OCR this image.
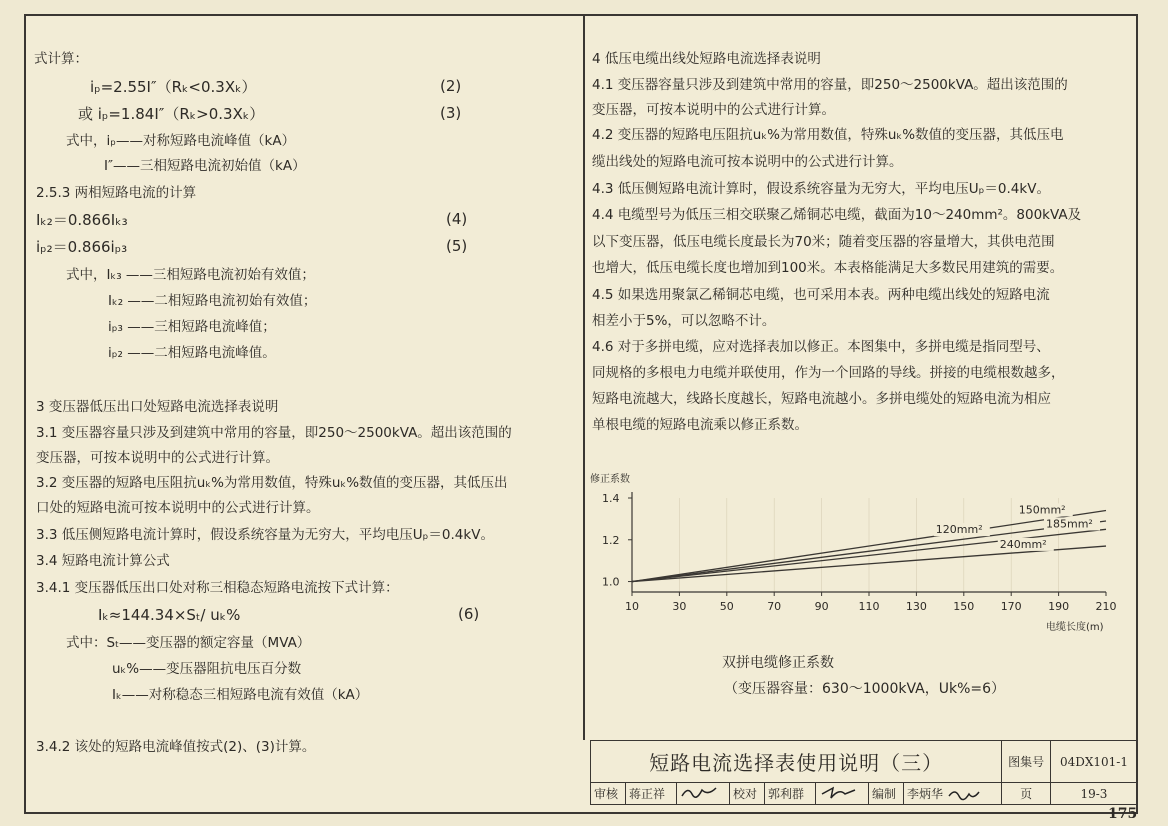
式计算：
iₚ=2.55I″（Rₖ<0.3Xₖ）	(2)
或 iₚ=1.84I″（Rₖ>0.3Xₖ）	(3)
式中，iₚ——对称短路电流峰值（kA）
I″——三相短路电流初始值（kA）
2.5.3 两相短路电流的计算
Iₖ₂＝0.866Iₖ₃	(4)
iₚ₂＝0.866iₚ₃	(5)
式中，Iₖ₃ ——三相短路电流初始有效值；
Iₖ₂ ——二相短路电流初始有效值；
iₚ₃ ——三相短路电流峰值；
iₚ₂ ——二相短路电流峰值。
3 变压器低压出口处短路电流选择表说明
3.1 变压器容量只涉及到建筑中常用的容量，即250～2500kVA。超出该范围的
变压器，可按本说明中的公式进行计算。
3.2 变压器的短路电压阻抗uₖ%为常用数值，特殊uₖ%数值的变压器，其低压出
口处的短路电流可按本说明中的公式进行计算。
3.3 低压侧短路电流计算时，假设系统容量为无穷大，平均电压Uₚ＝0.4kV。
3.4 短路电流计算公式
3.4.1 变压器低压出口处对称三相稳态短路电流按下式计算：
Iₖ≈144.34×Sₜ/ uₖ%	(6)
式中：Sₜ——变压器的额定容量（MVA）
uₖ%——变压器阻抗电压百分数
Iₖ——对称稳态三相短路电流有效值（kA）
3.4.2 该处的短路电流峰值按式(2)、(3)计算。
4 低压电缆出线处短路电流选择表说明
4.1 变压器容量只涉及到建筑中常用的容量，即250～2500kVA。超出该范围的
变压器，可按本说明中的公式进行计算。
4.2 变压器的短路电压阻抗uₖ%为常用数值，特殊uₖ%数值的变压器，其低压电
缆出线处的短路电流可按本说明中的公式进行计算。
4.3 低压侧短路电流计算时，假设系统容量为无穷大，平均电压Uₚ＝0.4kV。
4.4 电缆型号为低压三相交联聚乙烯铜芯电缆，截面为10～240mm²。800kVA及
以下变压器，低压电缆长度最长为70米；随着变压器的容量增大，其供电范围
也增大，低压电缆长度也增加到100米。本表格能满足大多数民用建筑的需要。
4.5 如果选用聚氯乙稀铜芯电缆，也可采用本表。两种电缆出线处的短路电流
相差小于5%，可以忽略不计。
4.6 对于多拼电缆，应对选择表加以修正。本图集中，多拼电缆是指同型号、
同规格的多根电力电缆并联使用，作为一个回路的导线。拼接的电缆根数越多，
短路电流越大，线路长度越长，短路电流越小。多拼电缆处的短路电流为相应
单根电缆的短路电流乘以修正系数。
修正系数
1.0
1.2
1.4
10	30	50	70	90	110 130 150 170 190 210
电缆长度(m)
120mm²
150mm²
185mm²
240mm²
双拼电缆修正系数
（变压器容量：630～1000kVA，Uk%=6）
短路电流选择表使用说明（三）								图集号	04DX101-1
审核	蒋正祥		校对	郭利群		编制	李炳华	页	19-3
175
